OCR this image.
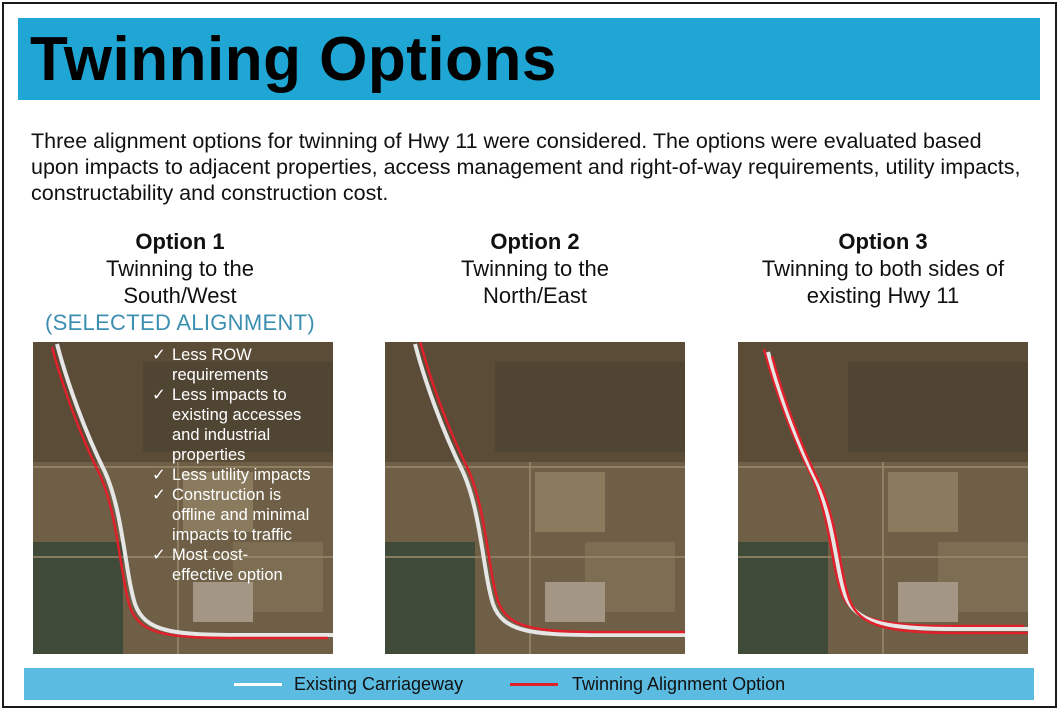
Twinning Options
Three alignment options for twinning of Hwy 11 were considered. The options were evaluated based upon impacts to adjacent properties, access management and right-of-way requirements, utility impacts, constructability and construction cost.
Option 1
Twinning to the
South/West
(SELECTED ALIGNMENT)
Option 2
Twinning to the
North/East
Option 3
Twinning to both sides of
existing Hwy 11
✓ Less ROW
requirements
✓ Less impacts to
existing accesses
and industrial
properties
✓ Less utility impacts
✓ Construction is
offline and minimal
impacts to traffic
✓ Most cost-
effective option
Existing Carriageway	Twinning Alignment Option
